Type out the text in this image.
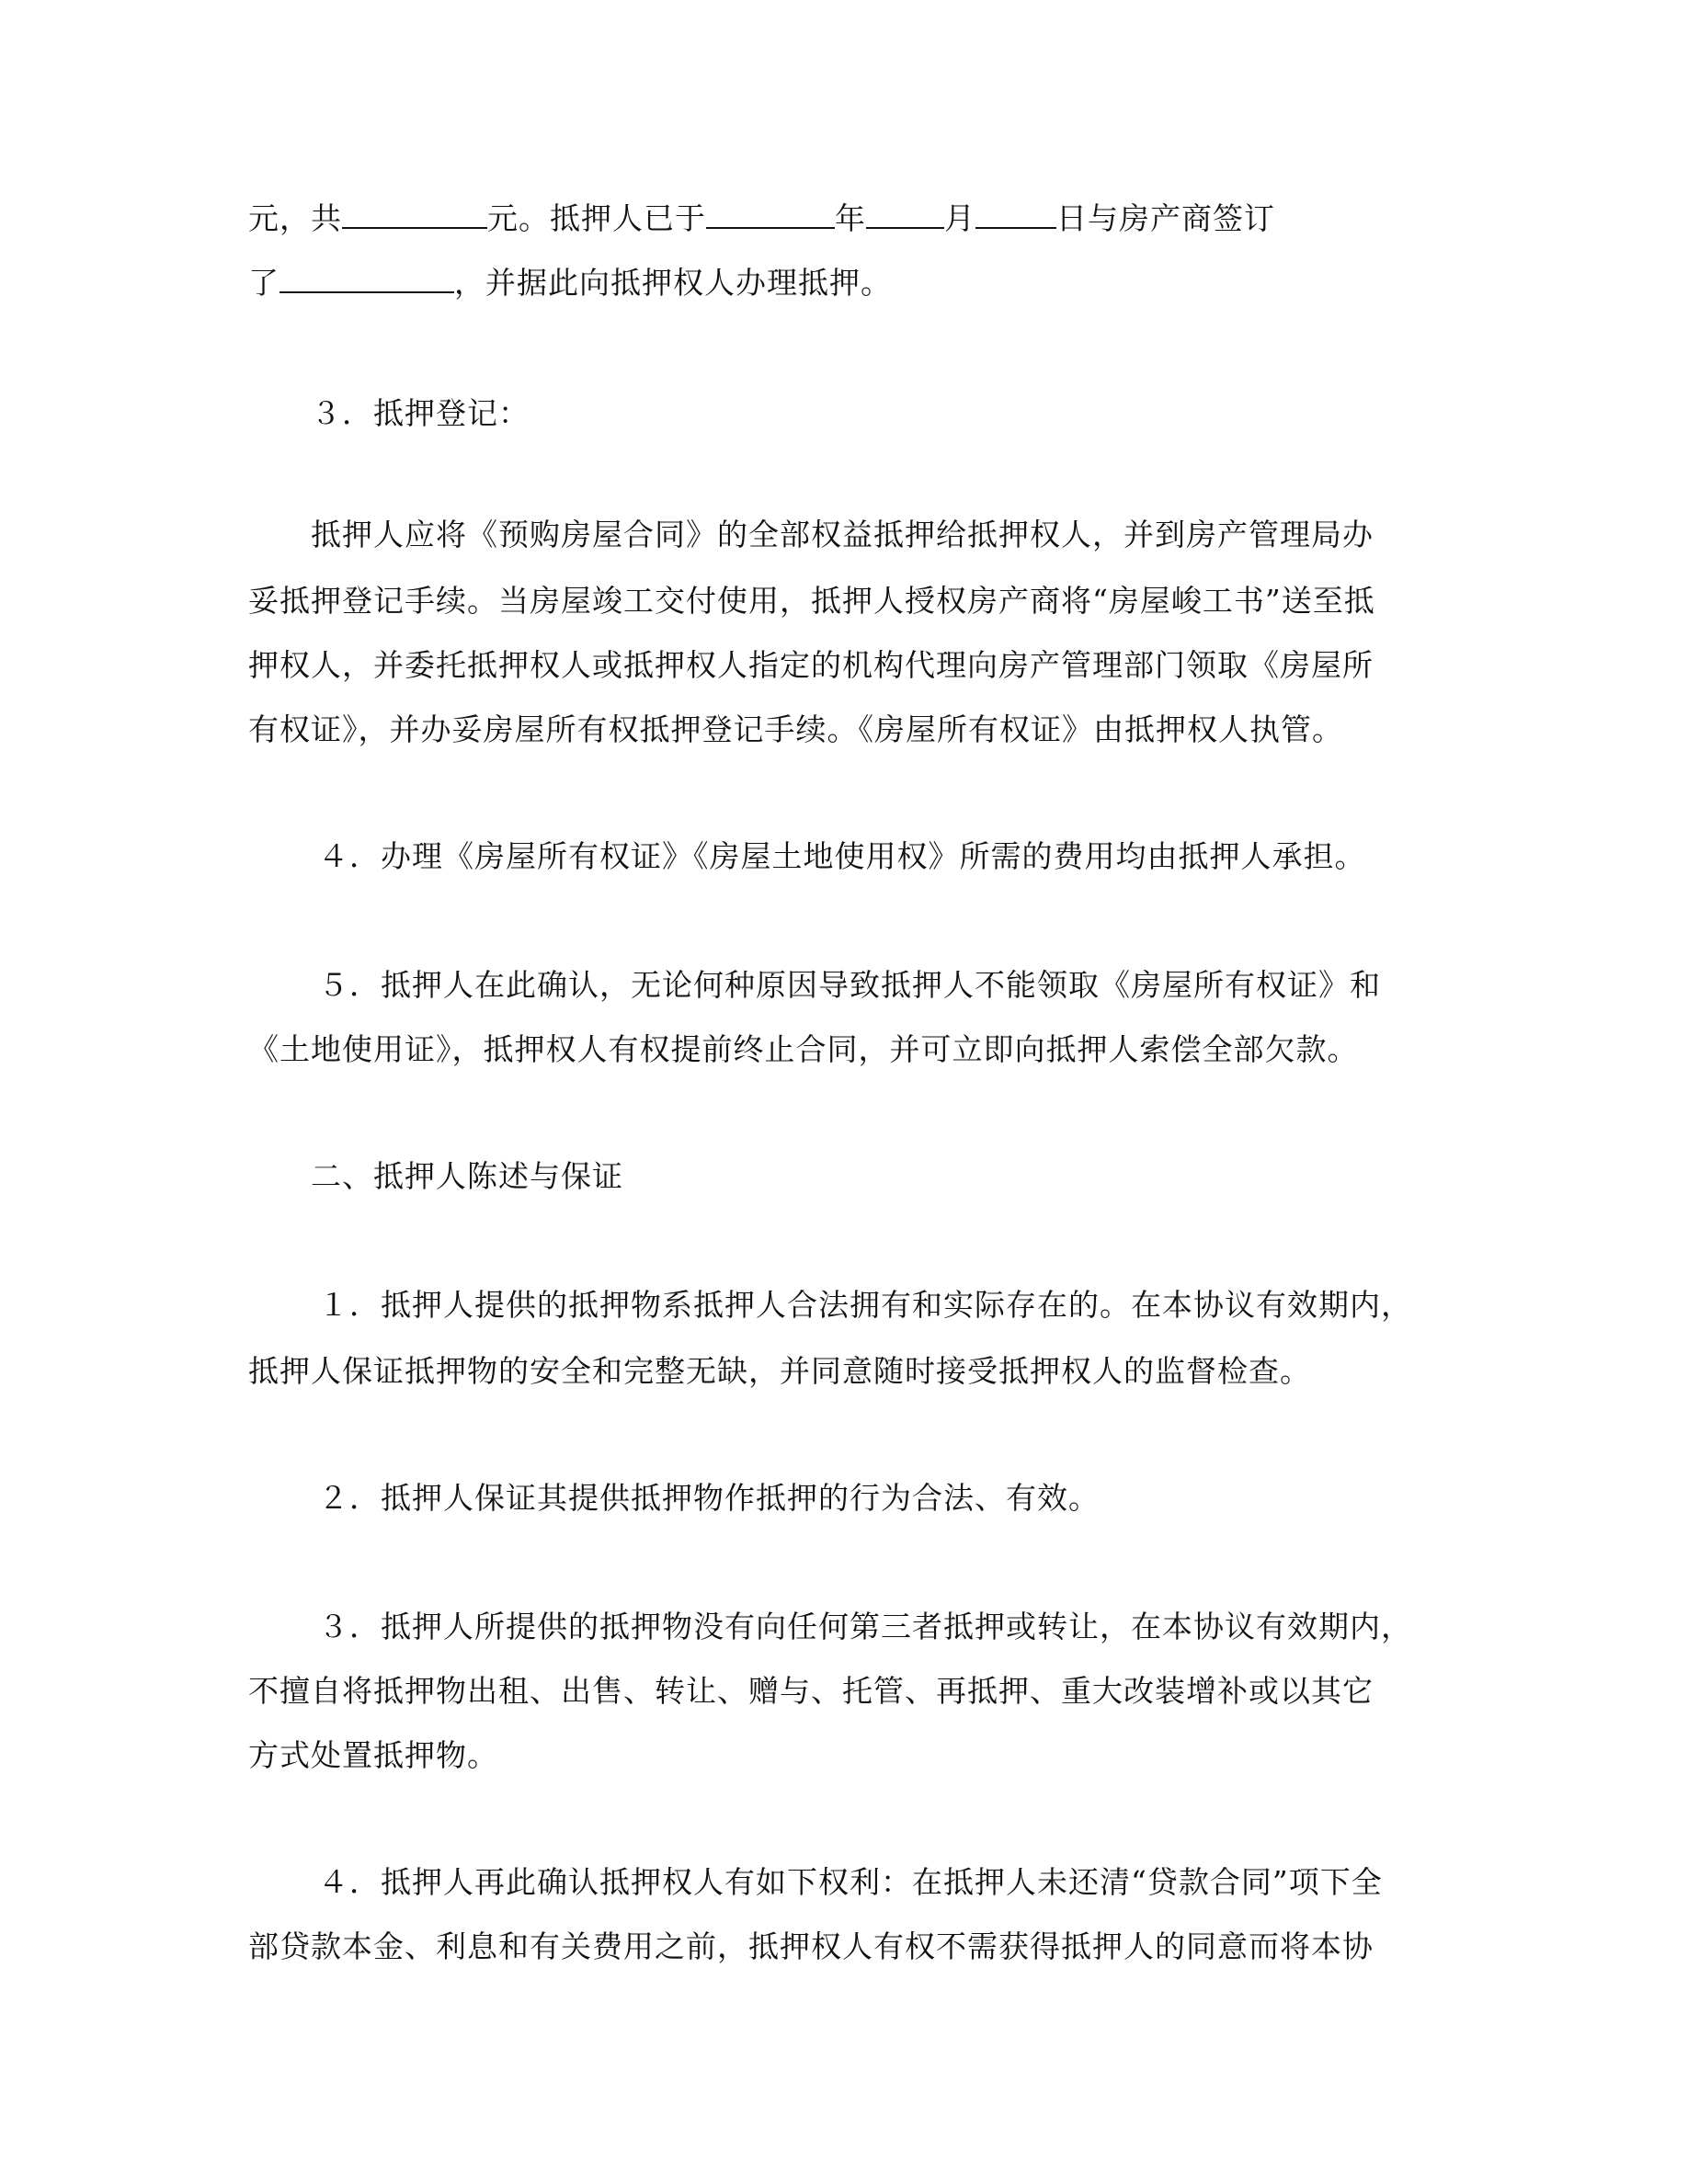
元，共	元。抵押人已于	年	月	日与房产商签订
了	，并据此向抵押权人办理抵押。
３．抵押登记：
抵押人应将《预购房屋合同》的全部权益抵押给抵押权人，并到房产管理局办
妥抵押登记手续。当房屋竣工交付使用，抵押人授权房产商将“房屋峻工书”送至抵
押权人，并委托抵押权人或抵押权人指定的机构代理向房产管理部门领取《房屋所
有权证》，并办妥房屋所有权抵押登记手续。《房屋所有权证》由抵押权人执管。
４．办理《房屋所有权证》《房屋土地使用权》所需的费用均由抵押人承担。
５．抵押人在此确认，无论何种原因导致抵押人不能领取《房屋所有权证》和
《土地使用证》，抵押权人有权提前终止合同，并可立即向抵押人索偿全部欠款。
二、抵押人陈述与保证
１．抵押人提供的抵押物系抵押人合法拥有和实际存在的。在本协议有效期内，
抵押人保证抵押物的安全和完整无缺，并同意随时接受抵押权人的监督检查。
２．抵押人保证其提供抵押物作抵押的行为合法、有效。
３．抵押人所提供的抵押物没有向任何第三者抵押或转让，在本协议有效期内，
不擅自将抵押物出租、出售、转让、赠与、托管、再抵押、重大改装增补或以其它
方式处置抵押物。
４．抵押人再此确认抵押权人有如下权利：在抵押人未还清“贷款合同”项下全
部贷款本金、利息和有关费用之前，抵押权人有权不需获得抵押人的同意而将本协
